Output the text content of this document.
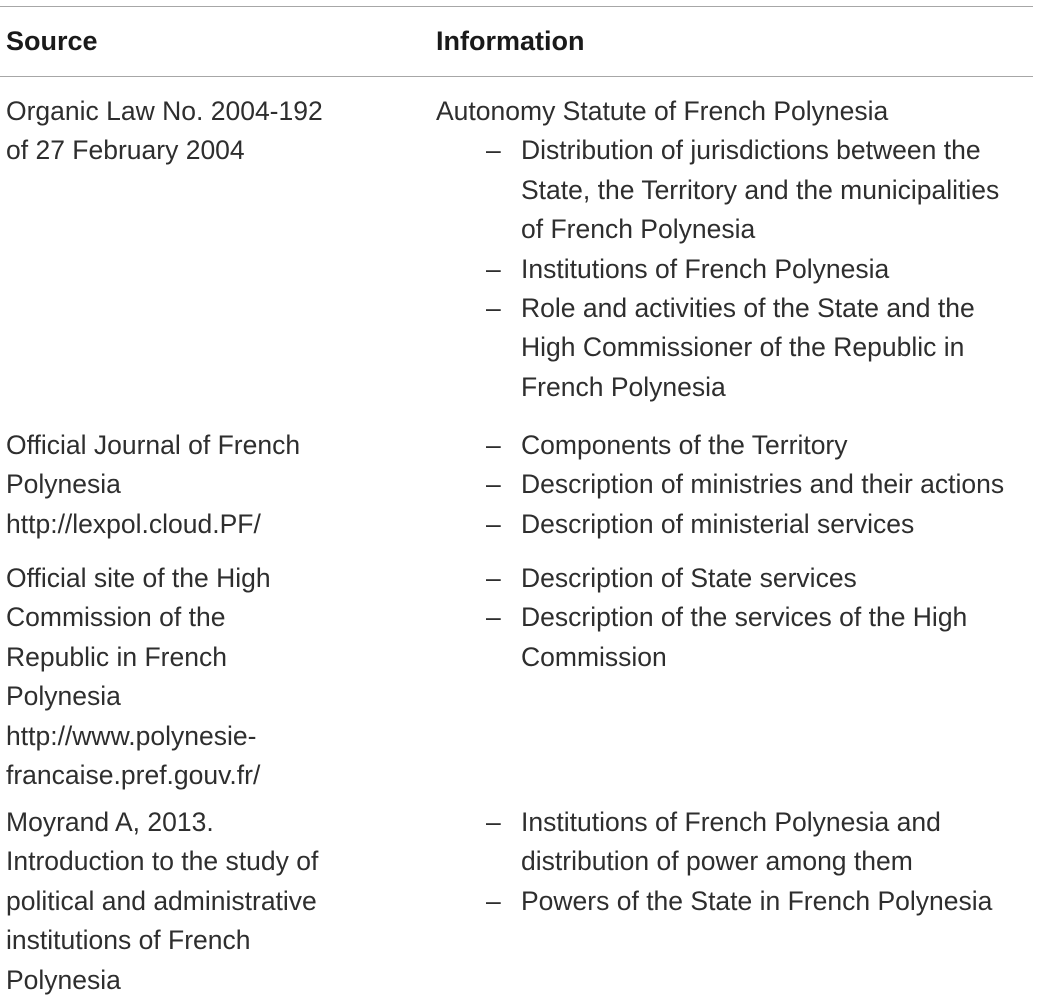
Source	Information
Organic Law No. 2004-192
of 27 February 2004
Autonomy Statute of French Polynesia
– Distribution of jurisdictions between the
State, the Territory and the municipalities
of French Polynesia
– Institutions of French Polynesia
– Role and activities of the State and the
High Commissioner of the Republic in
French Polynesia
Official Journal of French
Polynesia
http://lexpol.cloud.PF/
– Components of the Territory
– Description of ministries and their actions
– Description of ministerial services
Official site of the High
Commission of the
Republic in French
Polynesia
http://www.polynesie-
francaise.pref.gouv.fr/
– Description of State services
– Description of the services of the High
Commission
Moyrand A, 2013.
Introduction to the study of
political and administrative
institutions of French
Polynesia
– Institutions of French Polynesia and
distribution of power among them
– Powers of the State in French Polynesia
